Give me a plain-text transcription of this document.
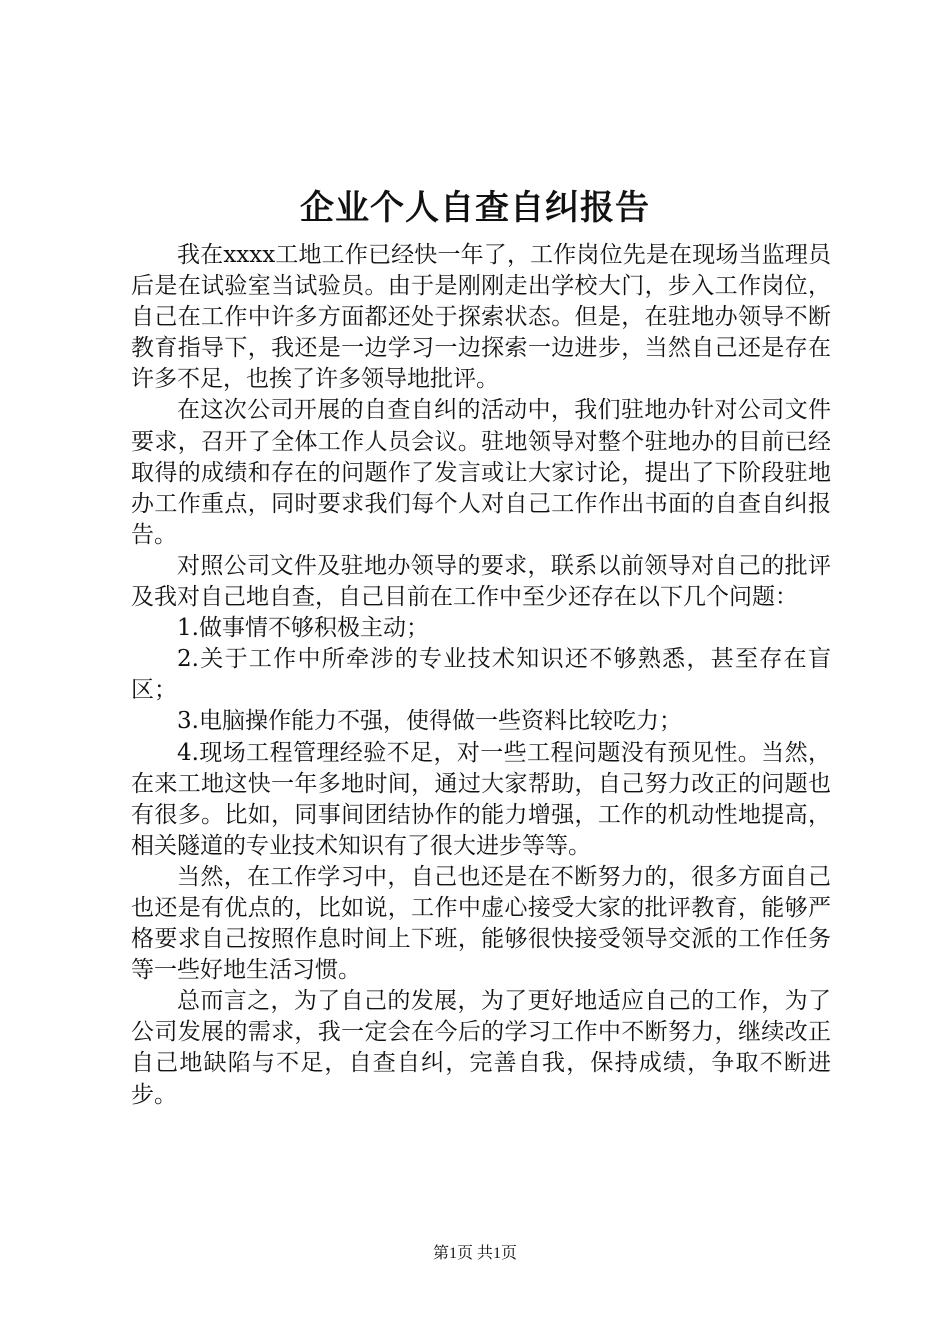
企业个人自查自纠报告

我在xxxx工地工作已经快一年了，工作岗位先是在现场当监理员后是在试验室当试验员。由于是刚刚走出学校大门，步入工作岗位，自己在工作中许多方面都还处于探索状态。但是，在驻地办领导不断教育指导下，我还是一边学习一边探索一边进步，当然自己还是存在许多不足，也挨了许多领导地批评。

在这次公司开展的自查自纠的活动中，我们驻地办针对公司文件要求，召开了全体工作人员会议。驻地领导对整个驻地办的目前已经取得的成绩和存在的问题作了发言或让大家讨论，提出了下阶段驻地办工作重点，同时要求我们每个人对自己工作作出书面的自查自纠报告。

对照公司文件及驻地办领导的要求，联系以前领导对自己的批评及我对自己地自查，自己目前在工作中至少还存在以下几个问题：

1.做事情不够积极主动；

2.关于工作中所牵涉的专业技术知识还不够熟悉，甚至存在盲区；

3.电脑操作能力不强，使得做一些资料比较吃力；

4.现场工程管理经验不足，对一些工程问题没有预见性。当然，在来工地这快一年多地时间，通过大家帮助，自己努力改正的问题也有很多。比如，同事间团结协作的能力增强，工作的机动性地提高，相关隧道的专业技术知识有了很大进步等等。

当然，在工作学习中，自己也还是在不断努力的，很多方面自己也还是有优点的，比如说，工作中虚心接受大家的批评教育，能够严格要求自己按照作息时间上下班，能够很快接受领导交派的工作任务等一些好地生活习惯。

总而言之，为了自己的发展，为了更好地适应自己的工作，为了公司发展的需求，我一定会在今后的学习工作中不断努力，继续改正自己地缺陷与不足，自查自纠，完善自我，保持成绩，争取不断进步。

第1页 共1页
